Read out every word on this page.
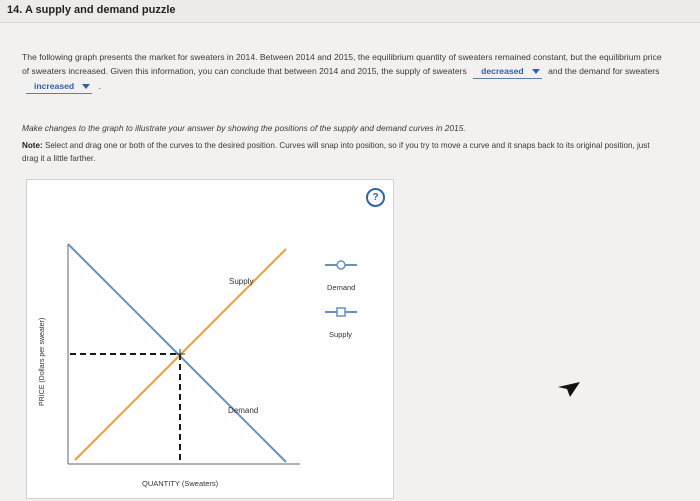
14. A supply and demand puzzle
The following graph presents the market for sweaters in 2014. Between 2014 and 2015, the equilibrium quantity of sweaters remained constant, but the equilibrium price of sweaters increased. Given this information, you can conclude that between 2014 and 2015, the supply of sweaters decreased	and the demand for sweaters increased	.
Make changes to the graph to illustrate your answer by showing the positions of the supply and demand curves in 2015.
Note: Select and drag one or both of the curves to the desired position. Curves will snap into position, so if you try to move a curve and it snaps back to its original position, just drag it a little farther.
?
Supply
Demand
PRICE (Dollars per sweater)
QUANTITY (Sweaters)
Demand
Supply
